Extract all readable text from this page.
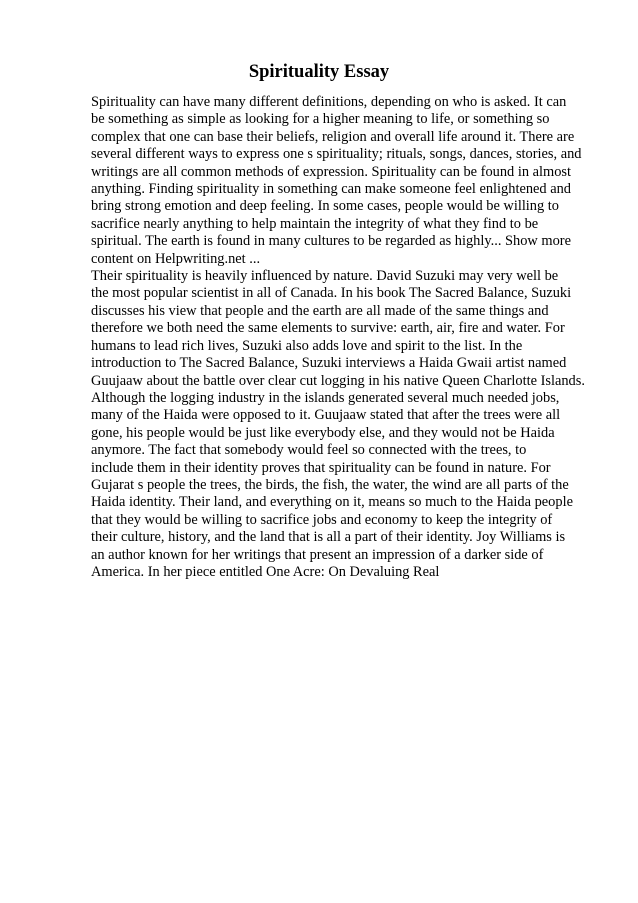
Spirituality Essay
Spirituality can have many different definitions, depending on who is asked. It can
be something as simple as looking for a higher meaning to life, or something so
complex that one can base their beliefs, religion and overall life around it. There are
several different ways to express one s spirituality; rituals, songs, dances, stories, and
writings are all common methods of expression. Spirituality can be found in almost
anything. Finding spirituality in something can make someone feel enlightened and
bring strong emotion and deep feeling. In some cases, people would be willing to
sacrifice nearly anything to help maintain the integrity of what they find to be
spiritual. The earth is found in many cultures to be regarded as highly... Show more
content on Helpwriting.net ...
Their spirituality is heavily influenced by nature. David Suzuki may very well be
the most popular scientist in all of Canada. In his book The Sacred Balance, Suzuki
discusses his view that people and the earth are all made of the same things and
therefore we both need the same elements to survive: earth, air, fire and water. For
humans to lead rich lives, Suzuki also adds love and spirit to the list. In the
introduction to The Sacred Balance, Suzuki interviews a Haida Gwaii artist named
Guujaaw about the battle over clear cut logging in his native Queen Charlotte Islands.
Although the logging industry in the islands generated several much needed jobs,
many of the Haida were opposed to it. Guujaaw stated that after the trees were all
gone, his people would be just like everybody else, and they would not be Haida
anymore. The fact that somebody would feel so connected with the trees, to
include them in their identity proves that spirituality can be found in nature. For
Gujarat s people the trees, the birds, the fish, the water, the wind are all parts of the
Haida identity. Their land, and everything on it, means so much to the Haida people
that they would be willing to sacrifice jobs and economy to keep the integrity of
their culture, history, and the land that is all a part of their identity. Joy Williams is
an author known for her writings that present an impression of a darker side of
America. In her piece entitled One Acre: On Devaluing Real
